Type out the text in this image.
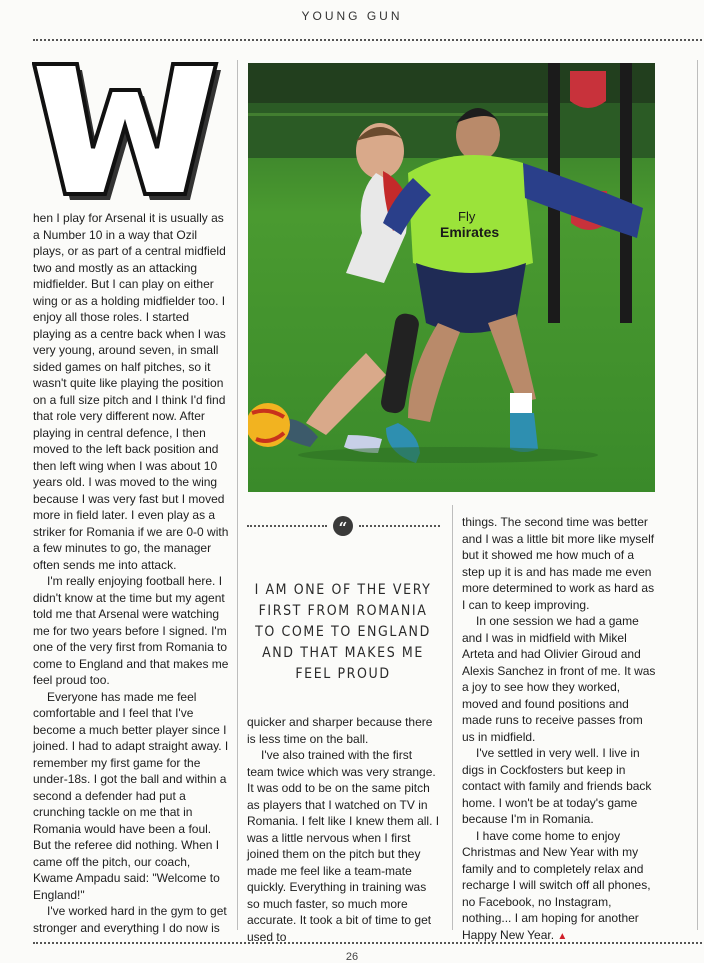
YOUNG GUN
W

hen I play for Arsenal it is usually as a Number 10 in a way that Ozil plays, or as part of a central midfield two and mostly as an attacking midfielder. But I can play on either wing or as a holding midfielder too. I enjoy all those roles. I started playing as a centre back when I was very young, around seven, in small sided games on half pitches, so it wasn't quite like playing the position on a full size pitch and I think I'd find that role very different now. After playing in central defence, I then moved to the left back position and then left wing when I was about 10 years old. I was moved to the wing because I was very fast but I moved more in field later. I even play as a striker for Romania if we are 0-0 with a few minutes to go, the manager often sends me into attack.

I'm really enjoying football here. I didn't know at the time but my agent told me that Arsenal were watching me for two years before I signed. I'm one of the very first from Romania to come to England and that makes me feel proud too.

Everyone has made me feel comfortable and I feel that I've become a much better player since I joined. I had to adapt straight away. I remember my first game for the under-18s. I got the ball and within a second a defender had put a crunching tackle on me that in Romania would have been a foul. But the referee did nothing. When I came off the pitch, our coach, Kwame Ampadu said: "Welcome to England!"

I've worked hard in the gym to get stronger and everything I do now is

Fly
Emirates
“
I AM ONE OF THE VERY FIRST FROM ROMANIA TO COME TO ENGLAND AND THAT MAKES ME FEEL PROUD

quicker and sharper because there is less time on the ball.

I've also trained with the first team twice which was very strange. It was odd to be on the same pitch as players that I watched on TV in Romania. I felt like I knew them all. I was a little nervous when I first joined them on the pitch but they made me feel like a team-mate quickly. Everything in training was so much faster, so much more accurate. It took a bit of time to get used to

things. The second time was better and I was a little bit more like myself but it showed me how much of a step up it is and has made me even more determined to work as hard as I can to keep improving.

In one session we had a game and I was in midfield with Mikel Arteta and had Olivier Giroud and Alexis Sanchez in front of me. It was a joy to see how they worked, moved and found positions and made runs to receive passes from us in midfield.

I've settled in very well. I live in digs in Cockfosters but keep in contact with family and friends back home. I won't be at today's game because I'm in Romania.

I have come home to enjoy Christmas and New Year with my family and to completely relax and recharge I will switch off all phones, no Facebook, no Instagram, nothing... I am hoping for another Happy New Year. ▲

26
